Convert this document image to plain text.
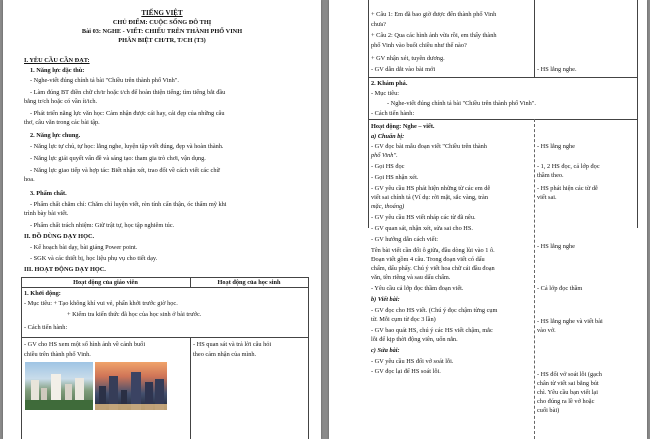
TIẾNG VIỆT
CHỦ ĐIỂM: CUỘC SỐNG ĐÔ THỊ
Bài 03: NGHE - VIẾT: CHIẾU TRÊN THÀNH PHỐ VINH
PHÂN BIỆT CH/TR, T/CH (T3)
I. YÊU CẦU CẦN ĐẠT:
1. Năng lực đặc thù:
- Nghe-viết đúng chính tả bài "Chiều trên thành phố Vinh".
- Làm đúng BT điền chữ ch/tr hoặc t/ch để hoàn thiện tiếng; tìm tiếng bắt đầu
bằng tr/ch hoặc có vần ít/ich.
- Phát triển năng lực văn học: Cảm nhận được cái hay, cái đẹp của những câu
thơ, câu văn trong các bài tập.
2. Năng lực chung.
- Năng lực tự chủ, tự học: lắng nghe, luyện tập viết đúng, đẹp và hoàn thành.
- Năng lực giải quyết vấn đề và sáng tạo: tham gia trò chơi, vận dụng.
- Năng lực giao tiếp và hợp tác: Biết nhận xét, trao đổi về cách viết các chữ
hoa.
3. Phẩm chất.
- Phẩm chất chăm chỉ: Chăm chỉ luyện viết, rèn tính cẩn thận, óc thẩm mỹ khi
trình bày bài viết.
- Phẩm chất trách nhiệm: Giữ trật tự, học tập nghiêm túc.
II. ĐỒ DÙNG DẠY HỌC.
- Kế hoạch bài dạy, bài giảng Power point.
- SGK và các thiết bị, học liệu phụ vụ cho tiết dạy.
III. HOẠT ĐỘNG DẠY HỌC.
Hoạt động của giáo viên	Hoạt động của học sinh
1. Khởi động:
- Mục tiêu: + Tạo không khí vui vẻ, phấn khởi trước giờ học.
+ Kiểm tra kiến thức đã học của học sinh ở bài trước.
- Cách tiến hành:
- GV cho HS xem một số hình ảnh về cảnh buổi
chiều trên thành phố Vinh.
- HS quan sát và trả lời câu hỏi
theo cảm nhận của mình.
+ Câu 1: Em đã bao giờ được đến thành phố Vinh
chưa?
+ Câu 2: Qua các hình ảnh vừa rồi, em thấy thành
phố Vinh vào buổi chiều như thế nào?
+ GV nhận xét, tuyên dương.
- GV dẫn dắt vào bài mới	- HS lắng nghe.
2. Khám phá.
- Mục tiêu:
- Nghe-viết đúng chính tả bài "Chiều trên thành phố Vinh".
- Cách tiến hành:
Hoạt động: Nghe – viết.
a) Chuẩn bị:
- GV đọc bài mẫu đoạn viết "Chiều trên thành
phố Vinh".
- Gọi HS đọc
- Gọi HS nhận xét.
- GV yêu cầu HS phát hiện những từ các em dễ
viết sai chính tả (Ví dụ: rời mặt, sắc vàng, tràn
mặc, thoáng)
- GV yêu cầu HS viết nháp các từ đã nêu.
- GV quan sát, nhận xét, sửa sai cho HS.
- GV hướng dẫn cách viết:
Tên bài viết cần đổi ô giữa, đầu dòng lùi vào 1 ô.
Đoạn viết gồm 4 câu. Trong đoạn viết có dấu
chấm, dấu phẩy. Chú ý viết hoa chữ cái đầu đoạn
văn, tên riêng và sau dấu chấm.
- Yêu cầu cả lớp đọc thầm đoạn viết.
b) Viết bài:
- GV đọc cho HS viết. (Chú ý đọc chậm từng cụm
từ. Mỗi cụm từ đọc 3 lần)
- GV bao quát HS, chú ý các HS viết chậm, mắc
lỗi để kịp thời động viên, uốn nắn.
c) Sửa bài:
- GV yêu cầu HS đổi vở soát lỗi.
- GV đọc lại để HS soát lỗi.
- HS lắng nghe
- 1, 2 HS đọc, cả lớp đọc
thầm theo.
- HS phát hiện các từ dễ
viết sai.
- HS lắng nghe
- Cả lớp đọc thầm
- HS lắng nghe và viết bài
vào vở.
- HS đổi vở soát lỗi (gạch
chân từ viết sai bằng bút
chì. Yêu cầu bạn viết lại
cho đúng ra lề vở hoặc
cuối bài)
